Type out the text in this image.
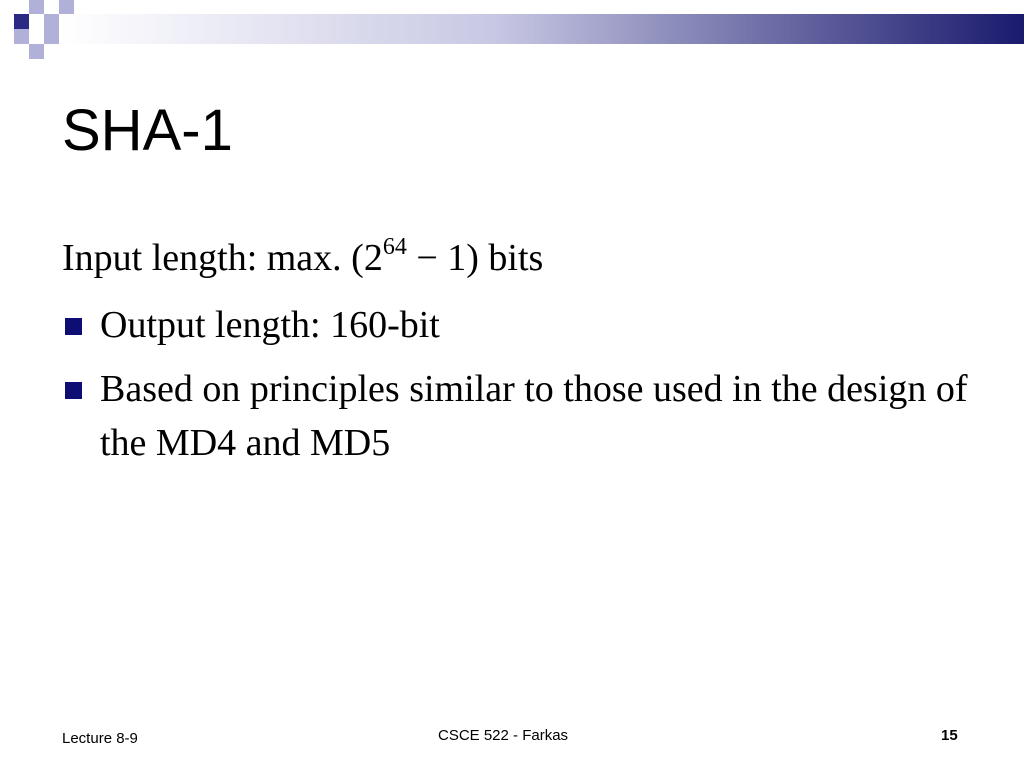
SHA-1

Input length: max. $(2^{64} - 1)$ bits

Output length: 160-bit
Based on principles similar to those used in the design of the MD4 and MD5
Lecture 8-9	CSCE 522 - Farkas	15
